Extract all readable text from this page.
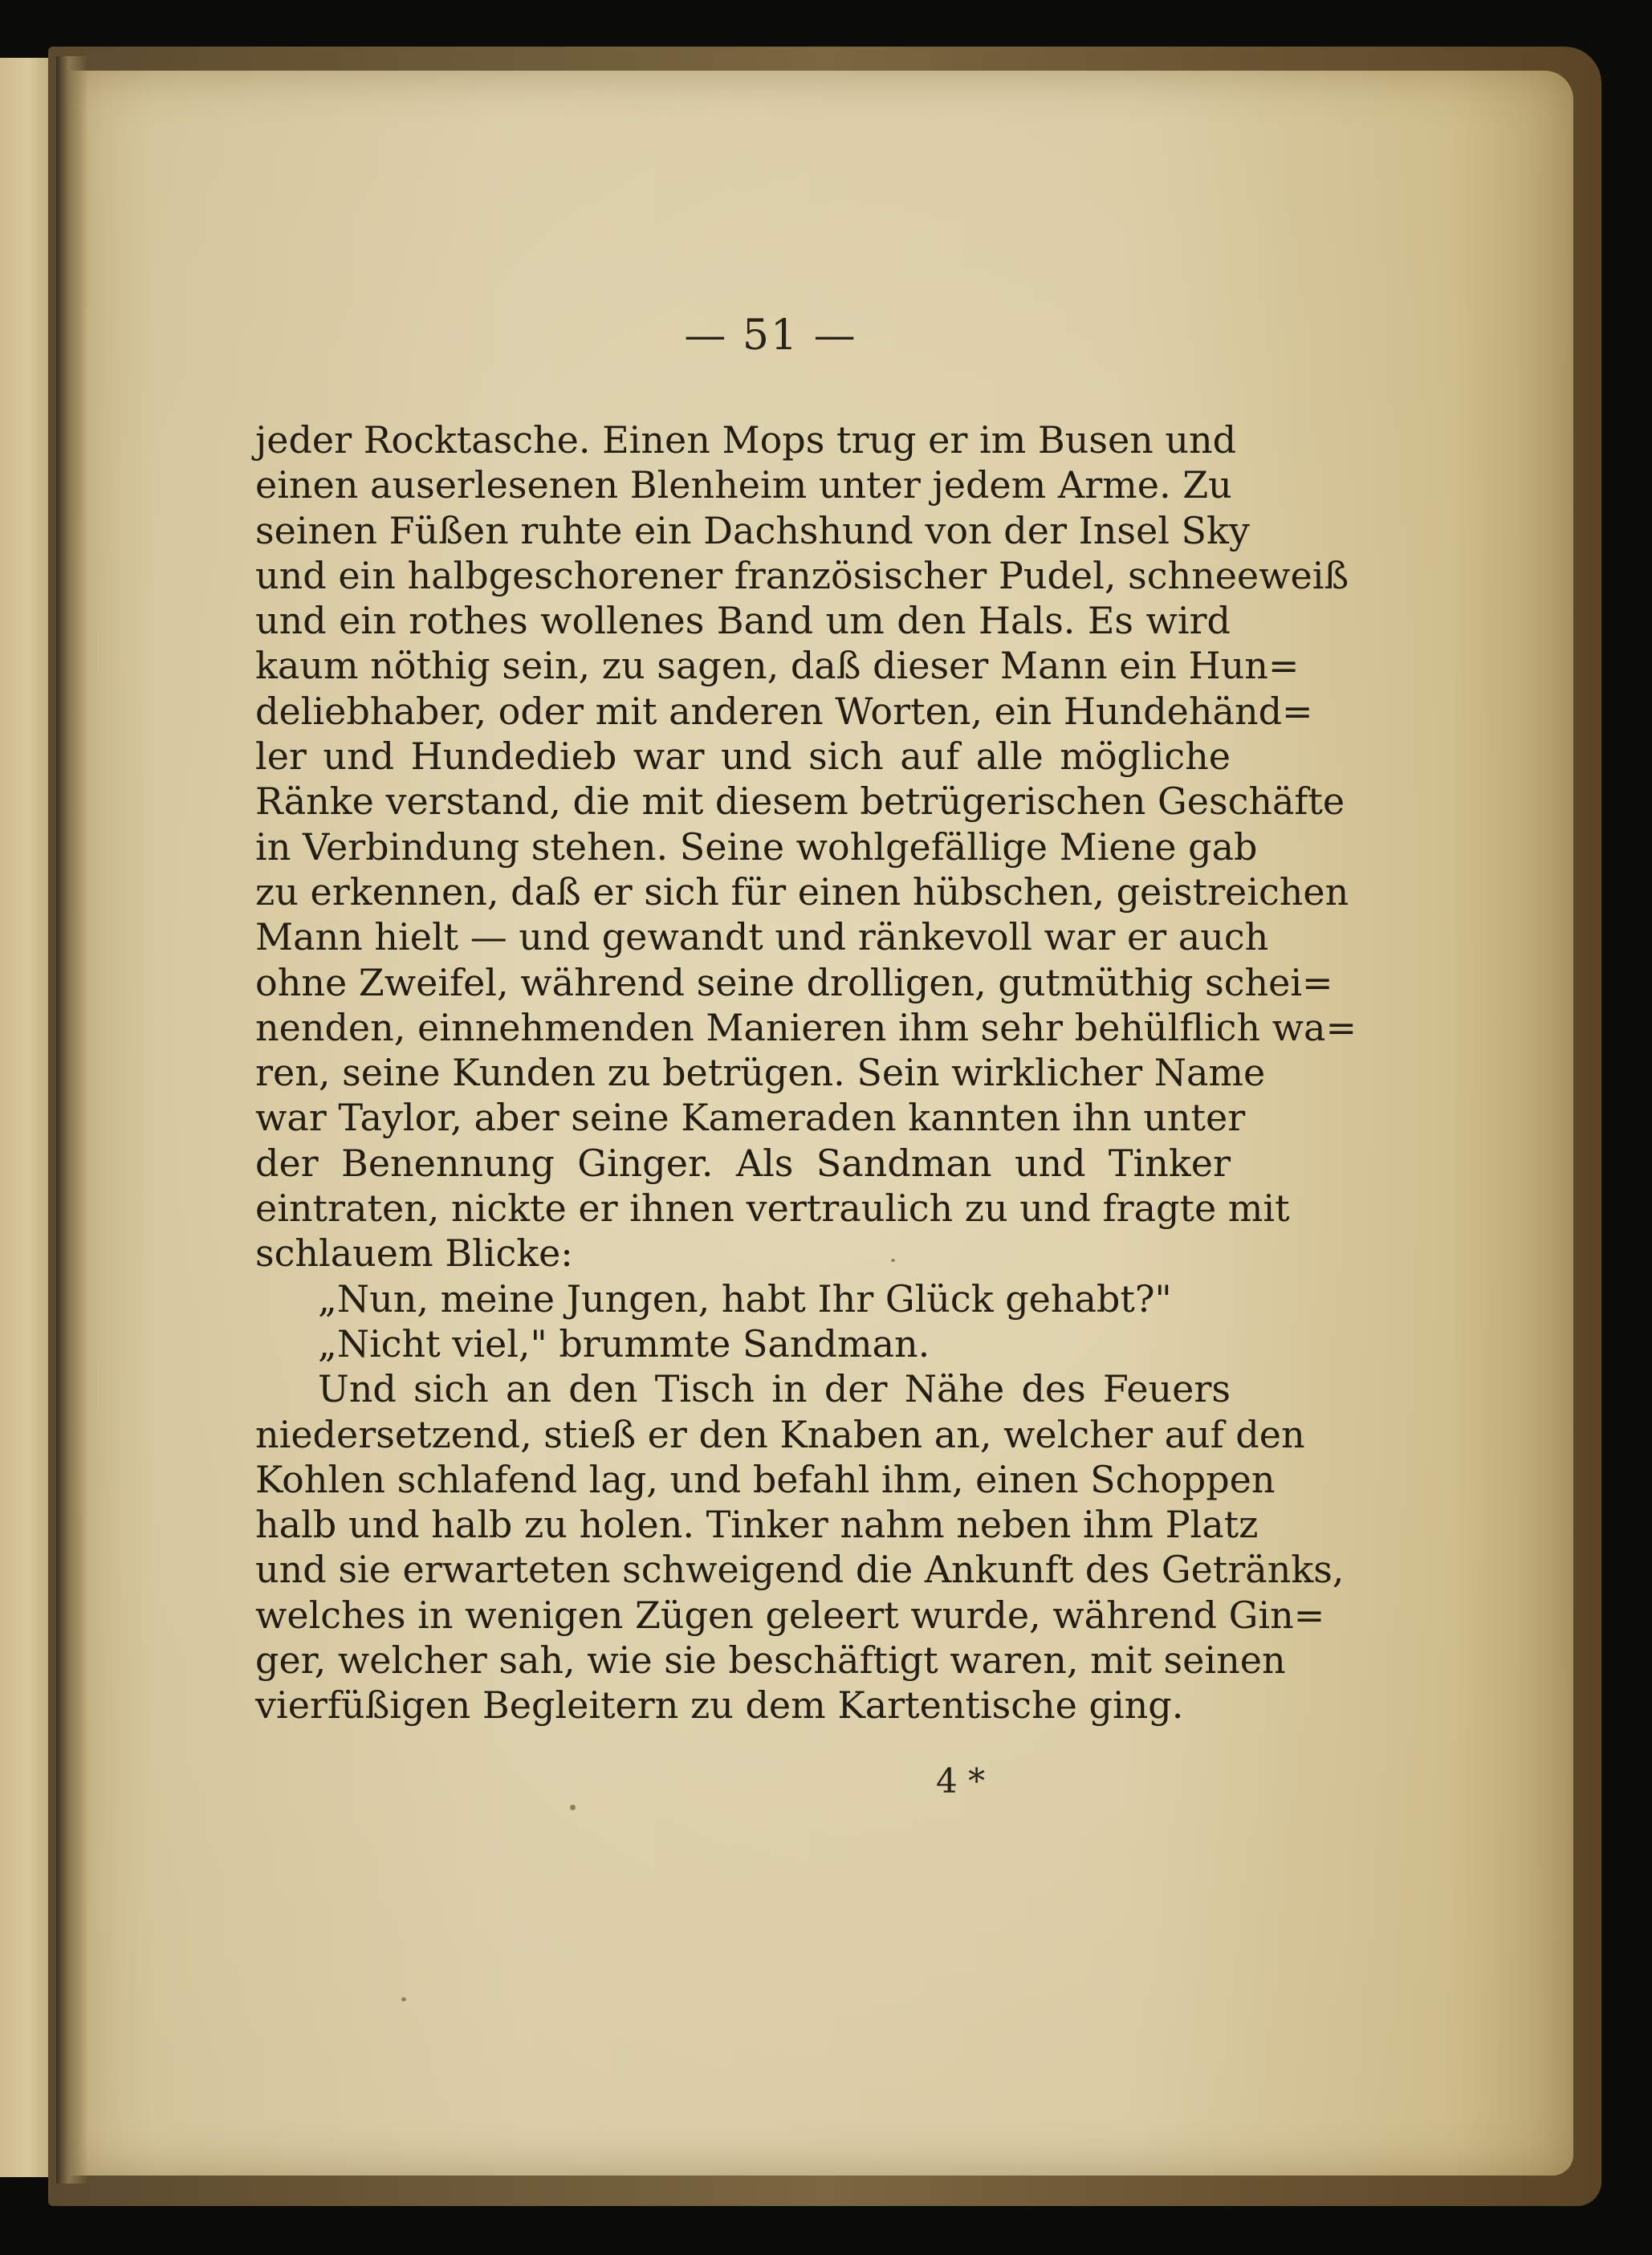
— 51 —
jeder Rocktasche. Einen Mops trug er im Busen und
einen auserlesenen Blenheim unter jedem Arme. Zu
seinen Füßen ruhte ein Dachshund von der Insel Sky
und ein halbgeschorener französischer Pudel, schneeweiß
und ein rothes wollenes Band um den Hals. Es wird
kaum nöthig sein, zu sagen, daß dieser Mann ein Hun=
deliebhaber, oder mit anderen Worten, ein Hundehänd=
ler und Hundedieb war und sich auf alle mögliche
Ränke verstand, die mit diesem betrügerischen Geschäfte
in Verbindung stehen. Seine wohlgefällige Miene gab
zu erkennen, daß er sich für einen hübschen, geistreichen
Mann hielt — und gewandt und ränkevoll war er auch
ohne Zweifel, während seine drolligen, gutmüthig schei=
nenden, einnehmenden Manieren ihm sehr behülflich wa=
ren, seine Kunden zu betrügen. Sein wirklicher Name
war Taylor, aber seine Kameraden kannten ihn unter
der Benennung Ginger. Als Sandman und Tinker
eintraten, nickte er ihnen vertraulich zu und fragte mit
schlauem Blicke:
„Nun, meine Jungen, habt Ihr Glück gehabt?"
„Nicht viel," brummte Sandman.
Und sich an den Tisch in der Nähe des Feuers
niedersetzend, stieß er den Knaben an, welcher auf den
Kohlen schlafend lag, und befahl ihm, einen Schoppen
halb und halb zu holen. Tinker nahm neben ihm Platz
und sie erwarteten schweigend die Ankunft des Getränks,
welches in wenigen Zügen geleert wurde, während Gin=
ger, welcher sah, wie sie beschäftigt waren, mit seinen
vierfüßigen Begleitern zu dem Kartentische ging.
4 *
